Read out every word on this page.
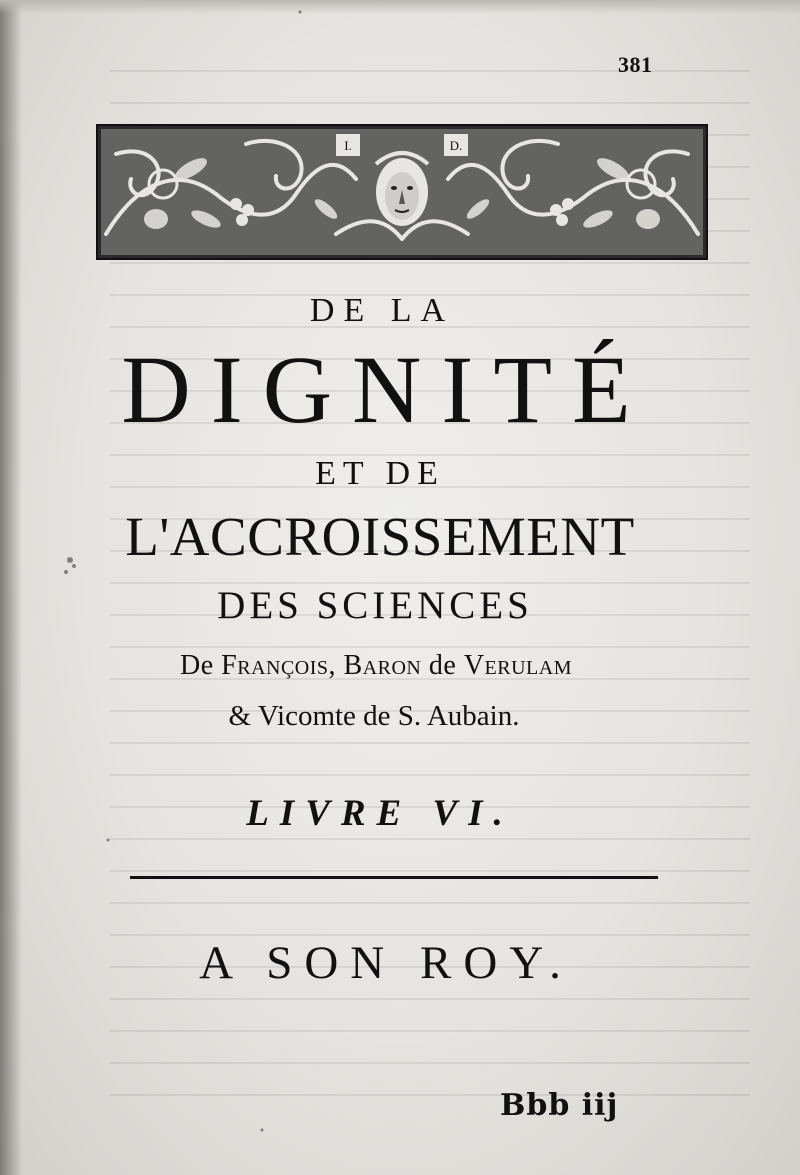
381
I.	D.
DE LA
DIGNITÉ
ET DE
L'ACCROISSEMENT
DES SCIENCES
De François, Baron de Verulam
& Vicomte de S. Aubain.
LIVRE VI.
A SON ROY.
Bbb iij
